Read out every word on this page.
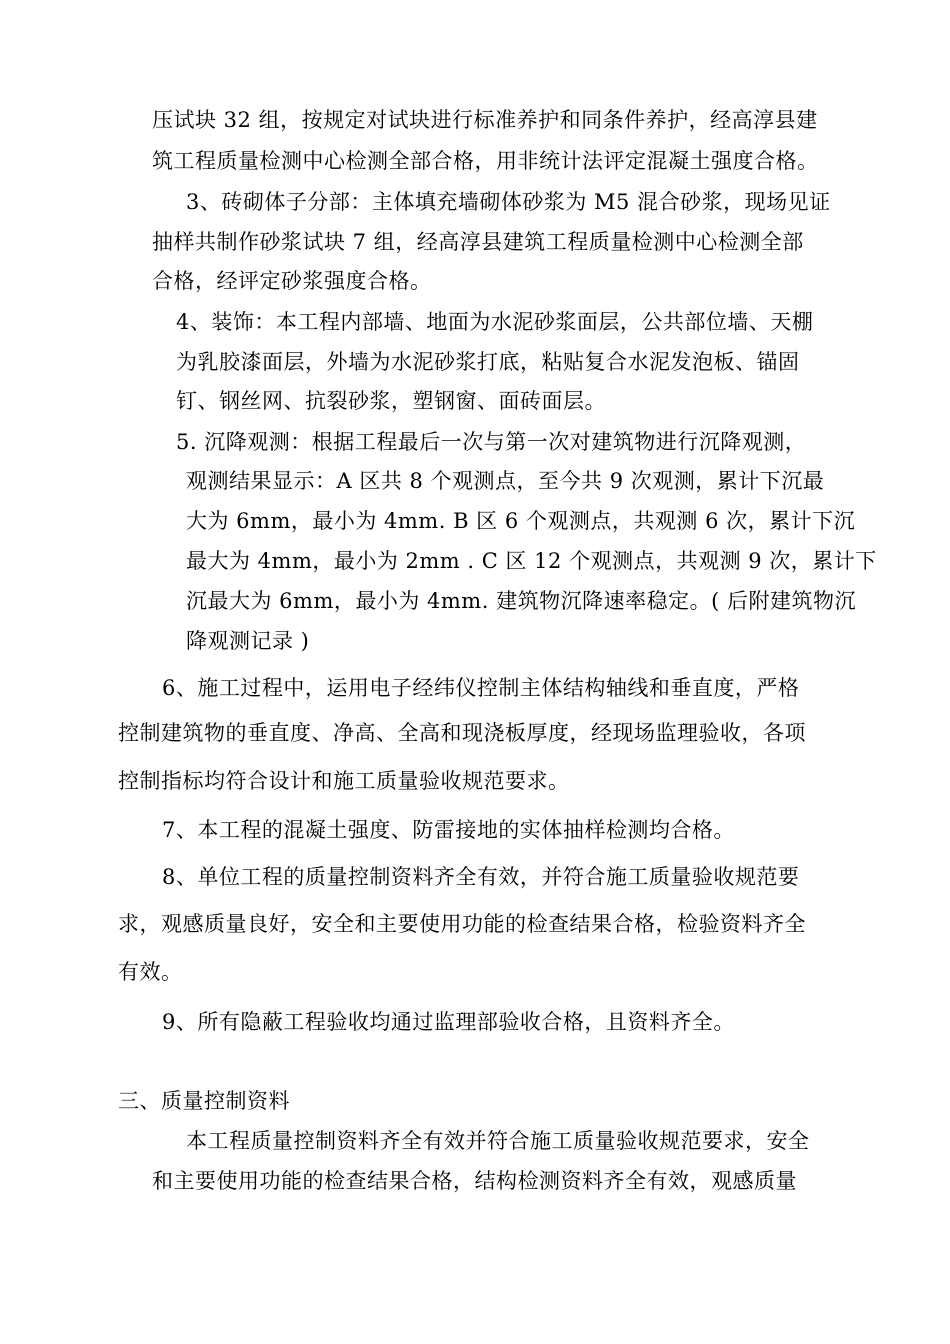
压试块 32 组，按规定对试块进行标准养护和同条件养护，经高淳县建
筑工程质量检测中心检测全部合格，用非统计法评定混凝土强度合格。
3、砖砌体子分部：主体填充墙砌体砂浆为 M5 混合砂浆，现场见证
抽样共制作砂浆试块 7 组，经高淳县建筑工程质量检测中心检测全部
合格，经评定砂浆强度合格。
4、装饰：本工程内部墙、地面为水泥砂浆面层，公共部位墙、天棚
为乳胶漆面层，外墙为水泥砂浆打底，粘贴复合水泥发泡板、锚固
钉、钢丝网、抗裂砂浆，塑钢窗、面砖面层。
5. 沉降观测：根据工程最后一次与第一次对建筑物进行沉降观测，
观测结果显示：A 区共 8 个观测点，至今共 9 次观测，累计下沉最
大为 6mm，最小为 4mm. B 区 6 个观测点，共观测 6 次，累计下沉
最大为 4mm，最小为 2mm . C 区 12 个观测点，共观测 9 次，累计下
沉最大为 6mm，最小为 4mm. 建筑物沉降速率稳定。( 后附建筑物沉
降观测记录 )
6、施工过程中，运用电子经纬仪控制主体结构轴线和垂直度，严格
控制建筑物的垂直度、净高、全高和现浇板厚度，经现场监理验收，各项
控制指标均符合设计和施工质量验收规范要求。
7、本工程的混凝土强度、防雷接地的实体抽样检测均合格。
8、单位工程的质量控制资料齐全有效，并符合施工质量验收规范要
求，观感质量良好，安全和主要使用功能的检查结果合格，检验资料齐全
有效。
9、所有隐蔽工程验收均通过监理部验收合格，且资料齐全。
三、质量控制资料
本工程质量控制资料齐全有效并符合施工质量验收规范要求，安全
和主要使用功能的检查结果合格，结构检测资料齐全有效，观感质量
